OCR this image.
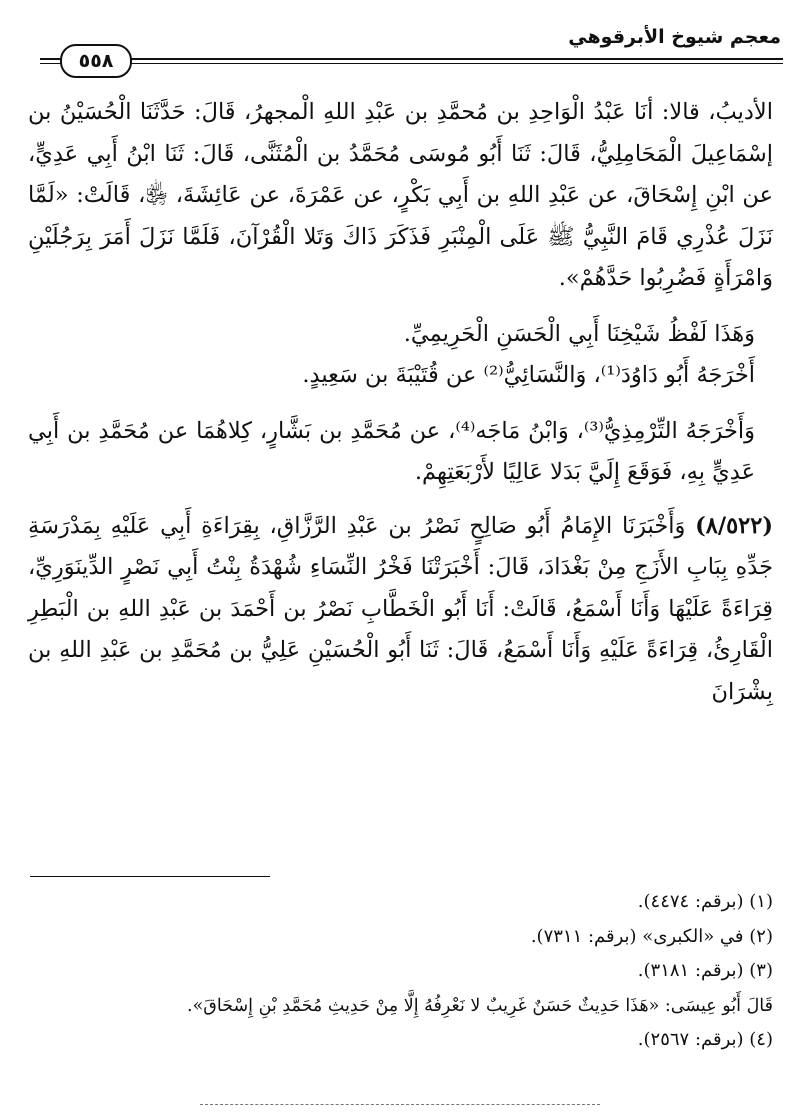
معجم شيوخ الأبرقوهي
٥٥٨

الأديبُ، قالا: أنَا عَبْدُ الْوَاحِدِ بن مُحمَّدِ بن عَبْدِ اللهِ الْمجهرُ، قَالَ: حَدَّثَنَا الْحُسَيْنُ بن إسْمَاعِيلَ الْمَحَامِلِيُّ، قَالَ: ثَنَا أَبُو مُوسَى مُحَمَّدُ بن الْمُثَنَّى، قَالَ: ثَنَا ابْنُ أَبِي عَدِيٍّ، عن ابْنِ إِسْحَاقَ، عن عَبْدِ اللهِ بن أَبِي بَكْرٍ، عن عَمْرَةَ، عن عَائِشَةَ، ﵂، قَالَتْ: «لَمَّا نَزَلَ عُذْرِي قَامَ النَّبِيُّ ﷺ عَلَى الْمِنْبَرِ فَذَكَرَ ذَاكَ وَتَلا الْقُرْآنَ، فَلَمَّا نَزَلَ أَمَرَ بِرَجُلَيْنِ وَامْرَأَةٍ فَضُرِبُوا حَدَّهُمْ».

وَهَذَا لَفْظُ شَيْخِنَا أَبِي الْحَسَنِ الْحَرِيمِيِّ.

أَخْرَجَهُ أَبُو دَاوُدَ⁽¹⁾، وَالنَّسَائِيُّ⁽²⁾ عن قُتَيْبَةَ بن سَعِيدٍ.

وَأَخْرَجَهُ التِّرْمِذِيُّ⁽³⁾، وَابْنُ مَاجَه⁽⁴⁾، عن مُحَمَّدِ بن بَشَّارٍ، كِلاهُمَا عن مُحَمَّدِ بن أَبِي عَدِيٍّ بِهِ، فَوَقَعَ إِلَيَّ بَدَلا عَالِيًا لأَرْبَعَتِهِمْ.

(٨/٥٢٢) وَأَخْبَرَنَا الإِمَامُ أَبُو صَالِحٍ نَصْرُ بن عَبْدِ الرَّزَّاقِ، بِقِرَاءَةِ أَبِي عَلَيْهِ بِمَدْرَسَةِ جَدِّهِ بِبَابِ الأَزَجِ مِنْ بَغْدَادَ، قَالَ: أَخْبَرَتْنَا فَخْرُ النِّسَاءِ شُهْدَةُ بِنْتُ أَبِي نَصْرٍ الدِّينَوَرِيِّ، قِرَاءَةً عَلَيْهَا وَأَنَا أَسْمَعُ، قَالَتْ: أَنَا أَبُو الْخَطَّابِ نَصْرُ بن أَحْمَدَ بن عَبْدِ اللهِ بن الْبَطِرِ الْقَارِئُ، قِرَاءَةً عَلَيْهِ وَأَنَا أَسْمَعُ، قَالَ: ثَنَا أَبُو الْحُسَيْنِ عَلِيُّ بن مُحَمَّدِ بن عَبْدِ اللهِ بن بِشْرَانَ

(١) (برقم: ٤٤٧٤).

(٢) في «الكبرى» (برقم: ٧٣١١).

(٣) (برقم: ٣١٨١).

قَالَ أَبُو عِيسَى: «هَذَا حَدِيثٌ حَسَنٌ غَرِيبٌ لا نَعْرِفُهُ إِلَّا مِنْ حَدِيثِ مُحَمَّدِ بْنِ إِسْحَاقَ».

(٤) (برقم: ٢٥٦٧).
